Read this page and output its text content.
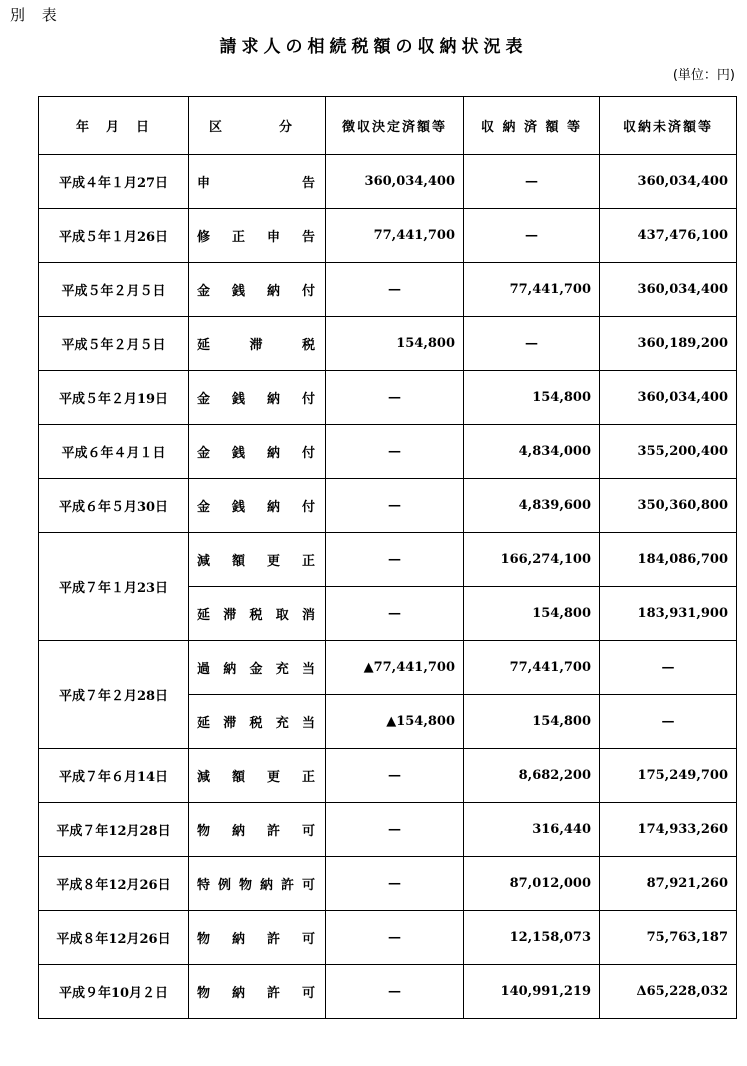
別 表
請求人の相続税額の収納状況表
(単位：円)
年　月　日	区 分	徴収決定済額等	収 納 済 額 等	収納未済額等
平成４年１月27日	申告	360,034,400	—	360,034,400
平成５年１月26日	修正申告	77,441,700	—	437,476,100
平成５年２月５日	金銭納付	—	77,441,700	360,034,400
平成５年２月５日	延滞税	154,800	—	360,189,200
平成５年２月19日	金銭納付	—	154,800	360,034,400
平成６年４月１日	金銭納付	—	4,834,000	355,200,400
平成６年５月30日	金銭納付	—	4,839,600	350,360,800
平成７年１月23日	減額更正	—	166,274,100	184,086,700
	延滞税取消	—	154,800	183,931,900
平成７年２月28日	過納金充当	▲77,441,700	77,441,700	—
	延滞税充当	▲154,800	154,800	—
平成７年６月14日	減額更正	—	8,682,200	175,249,700
平成７年12月28日	物納許可	—	316,440	174,933,260
平成８年12月26日	特例物納許可	—	87,012,000	87,921,260
平成８年12月26日	物納許可	—	12,158,073	75,763,187
平成９年10月２日	物納許可	—	140,991,219	Δ65,228,032
